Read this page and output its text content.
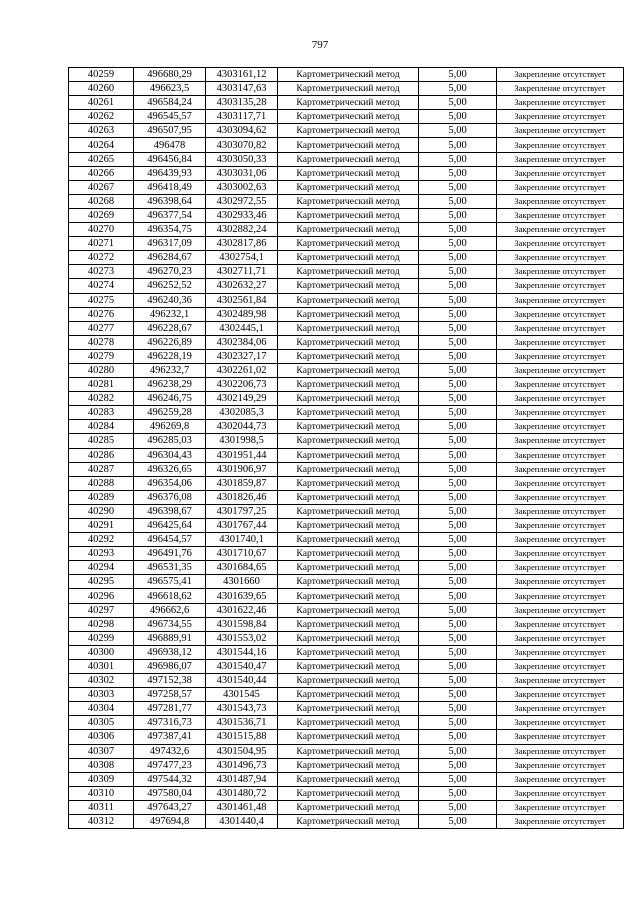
797
40259	496680,29	4303161,12	Картометрический метод	5,00	Закрепление отсутствует
40260	496623,5	4303147,63	Картометрический метод	5,00	Закрепление отсутствует
40261	496584,24	4303135,28	Картометрический метод	5,00	Закрепление отсутствует
40262	496545,57	4303117,71	Картометрический метод	5,00	Закрепление отсутствует
40263	496507,95	4303094,62	Картометрический метод	5,00	Закрепление отсутствует
40264	496478	4303070,82	Картометрический метод	5,00	Закрепление отсутствует
40265	496456,84	4303050,33	Картометрический метод	5,00	Закрепление отсутствует
40266	496439,93	4303031,06	Картометрический метод	5,00	Закрепление отсутствует
40267	496418,49	4303002,63	Картометрический метод	5,00	Закрепление отсутствует
40268	496398,64	4302972,55	Картометрический метод	5,00	Закрепление отсутствует
40269	496377,54	4302933,46	Картометрический метод	5,00	Закрепление отсутствует
40270	496354,75	4302882,24	Картометрический метод	5,00	Закрепление отсутствует
40271	496317,09	4302817,86	Картометрический метод	5,00	Закрепление отсутствует
40272	496284,67	4302754,1	Картометрический метод	5,00	Закрепление отсутствует
40273	496270,23	4302711,71	Картометрический метод	5,00	Закрепление отсутствует
40274	496252,52	4302632,27	Картометрический метод	5,00	Закрепление отсутствует
40275	496240,36	4302561,84	Картометрический метод	5,00	Закрепление отсутствует
40276	496232,1	4302489,98	Картометрический метод	5,00	Закрепление отсутствует
40277	496228,67	4302445,1	Картометрический метод	5,00	Закрепление отсутствует
40278	496226,89	4302384,06	Картометрический метод	5,00	Закрепление отсутствует
40279	496228,19	4302327,17	Картометрический метод	5,00	Закрепление отсутствует
40280	496232,7	4302261,02	Картометрический метод	5,00	Закрепление отсутствует
40281	496238,29	4302206,73	Картометрический метод	5,00	Закрепление отсутствует
40282	496246,75	4302149,29	Картометрический метод	5,00	Закрепление отсутствует
40283	496259,28	4302085,3	Картометрический метод	5,00	Закрепление отсутствует
40284	496269,8	4302044,73	Картометрический метод	5,00	Закрепление отсутствует
40285	496285,03	4301998,5	Картометрический метод	5,00	Закрепление отсутствует
40286	496304,43	4301951,44	Картометрический метод	5,00	Закрепление отсутствует
40287	496326,65	4301906,97	Картометрический метод	5,00	Закрепление отсутствует
40288	496354,06	4301859,87	Картометрический метод	5,00	Закрепление отсутствует
40289	496376,08	4301826,46	Картометрический метод	5,00	Закрепление отсутствует
40290	496398,67	4301797,25	Картометрический метод	5,00	Закрепление отсутствует
40291	496425,64	4301767,44	Картометрический метод	5,00	Закрепление отсутствует
40292	496454,57	4301740,1	Картометрический метод	5,00	Закрепление отсутствует
40293	496491,76	4301710,67	Картометрический метод	5,00	Закрепление отсутствует
40294	496531,35	4301684,65	Картометрический метод	5,00	Закрепление отсутствует
40295	496575,41	4301660	Картометрический метод	5,00	Закрепление отсутствует
40296	496618,62	4301639,65	Картометрический метод	5,00	Закрепление отсутствует
40297	496662,6	4301622,46	Картометрический метод	5,00	Закрепление отсутствует
40298	496734,55	4301598,84	Картометрический метод	5,00	Закрепление отсутствует
40299	496889,91	4301553,02	Картометрический метод	5,00	Закрепление отсутствует
40300	496938,12	4301544,16	Картометрический метод	5,00	Закрепление отсутствует
40301	496986,07	4301540,47	Картометрический метод	5,00	Закрепление отсутствует
40302	497152,38	4301540,44	Картометрический метод	5,00	Закрепление отсутствует
40303	497258,57	4301545	Картометрический метод	5,00	Закрепление отсутствует
40304	497281,77	4301543,73	Картометрический метод	5,00	Закрепление отсутствует
40305	497316,73	4301536,71	Картометрический метод	5,00	Закрепление отсутствует
40306	497387,41	4301515,88	Картометрический метод	5,00	Закрепление отсутствует
40307	497432,6	4301504,95	Картометрический метод	5,00	Закрепление отсутствует
40308	497477,23	4301496,73	Картометрический метод	5,00	Закрепление отсутствует
40309	497544,32	4301487,94	Картометрический метод	5,00	Закрепление отсутствует
40310	497580,04	4301480,72	Картометрический метод	5,00	Закрепление отсутствует
40311	497643,27	4301461,48	Картометрический метод	5,00	Закрепление отсутствует
40312	497694,8	4301440,4	Картометрический метод	5,00	Закрепление отсутствует
